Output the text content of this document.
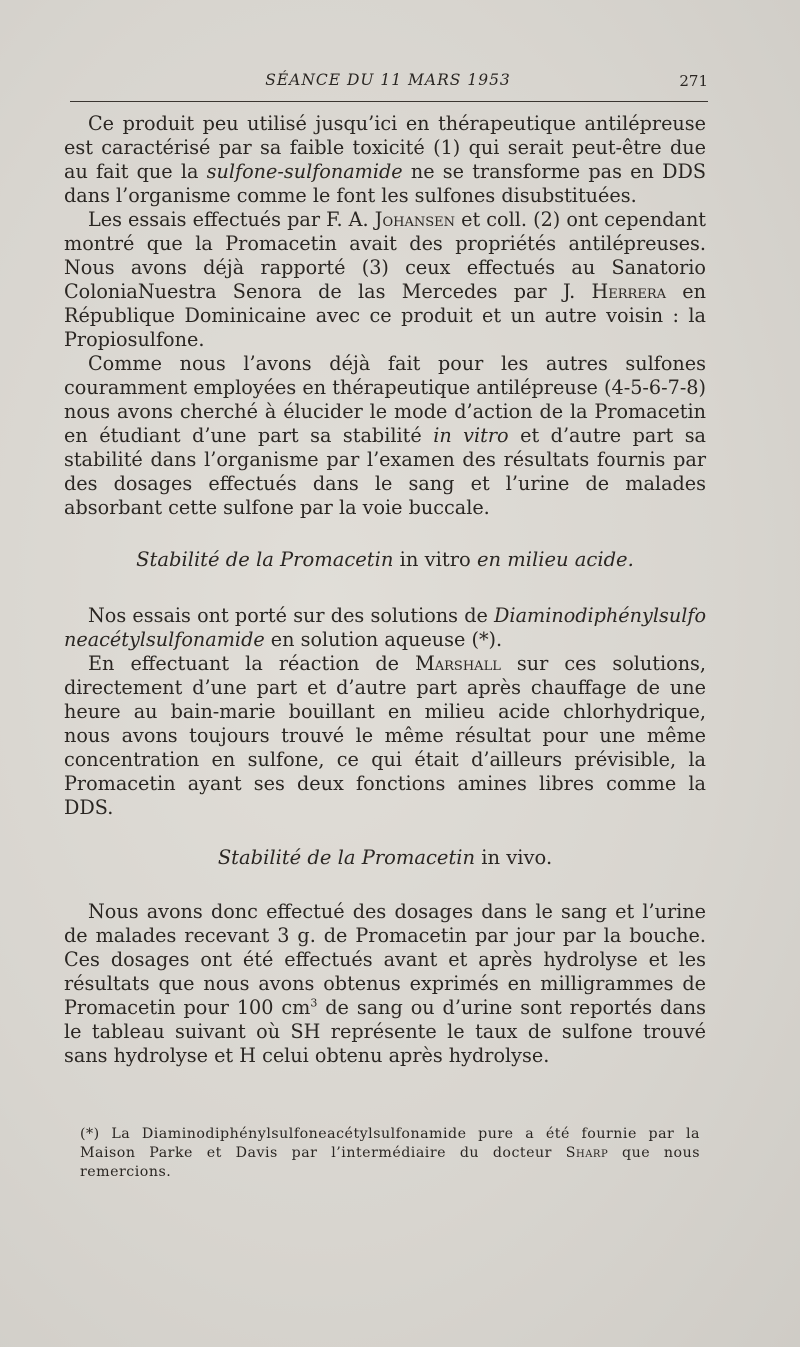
SÉANCE DU 11 MARS 1953	271

Ce produit peu utilisé jusqu’ici en thérapeutique antilépreuse est caractérisé par sa faible toxicité (1) qui serait peut-être due au fait que la sulfone-sulfonamide ne se transforme pas en DDS dans l’organisme comme le font les sulfones disubstituées.

Les essais effectués par F. A. Johansen et coll. (2) ont cependant montré que la Promacetin avait des propriétés antilépreuses. Nous avons déjà rapporté (3) ceux effectués au Sanatorio ColoniaNuestra Senora de las Mercedes par J. Herrera en République Dominicaine avec ce produit et un autre voisin : la Propiosulfone.

Comme nous l’avons déjà fait pour les autres sulfones couramment employées en thérapeutique antilépreuse (4-5-6-7-8) nous avons cherché à élucider le mode d’action de la Promacetin en étudiant d’une part sa stabilité in vitro et d’autre part sa stabilité dans l’organisme par l’examen des résultats fournis par des dosages effectués dans le sang et l’urine de malades absorbant cette sulfone par la voie buccale.

Stabilité de la Promacetin in vitro en milieu acide.

Nos essais ont porté sur des solutions de Diaminodiphénylsulfoneacétylsulfonamide en solution aqueuse (*).

En effectuant la réaction de Marshall sur ces solutions, directement d’une part et d’autre part après chauffage de une heure au bain-marie bouillant en milieu acide chlorhydrique, nous avons toujours trouvé le même résultat pour une même concentration en sulfone, ce qui était d’ailleurs prévisible, la Promacetin ayant ses deux fonctions amines libres comme la DDS.

Stabilité de la Promacetin in vivo.

Nous avons donc effectué des dosages dans le sang et l’urine de malades recevant 3 g. de Promacetin par jour par la bouche. Ces dosages ont été effectués avant et après hydrolyse et les résultats que nous avons obtenus exprimés en milligrammes de Promacetin pour 100 $cm^3$ de sang ou d’urine sont reportés dans le tableau suivant où SH représente le taux de sulfone trouvé sans hydrolyse et H celui obtenu après hydrolyse.

(*) La Diaminodiphénylsulfoneacétylsulfonamide pure a été fournie par la Maison Parke et Davis par l’intermédiaire du docteur Sharp que nous remercions.
